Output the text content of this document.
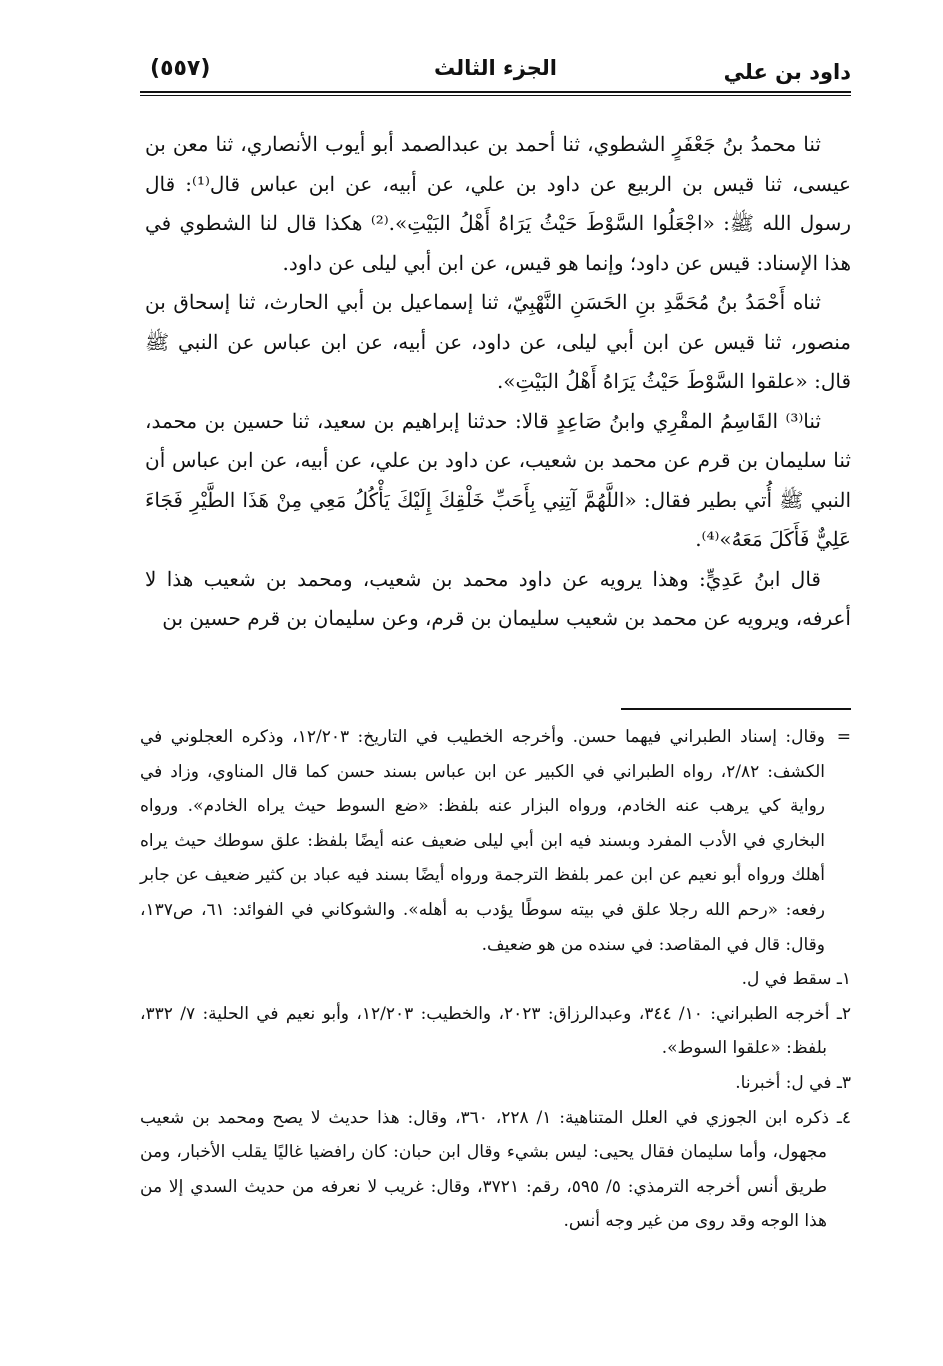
داود بن علي
الجزء الثالث
(٥٥٧)

ثنا محمدُ بنُ جَعْفَرٍ الشطوي، ثنا أحمد بن عبدالصمد أبو أيوب الأنصاري، ثنا معن بن عيسى، ثنا قيس بن الربيع عن داود بن علي، عن أبيه، عن ابن عباس قال⁽¹⁾: قال رسول الله ﷺ: «اجْعَلُوا السَّوْطَ حَيْثُ يَرَاهُ أَهْلُ البَيْتِ».⁽²⁾ هكذا قال لنا الشطوي في هذا الإسناد: قيس عن داود؛ وإنما هو قيس، عن ابن أبي ليلى عن داود.

ثناه أَحْمَدُ بنُ مُحَمَّدِ بنِ الحَسَنِ النَّهْبِيّ، ثنا إسماعيل بن أبي الحارث، ثنا إسحاق بن منصور، ثنا قيس عن ابن أبي ليلى، عن داود، عن أبيه، عن ابن عباس عن النبي ﷺ قال: «علقوا السَّوْطَ حَيْثُ يَرَاهُ أَهْلُ البَيْتِ».

ثنا⁽³⁾ القَاسِمُ المقْرِي وابنُ صَاعِدٍ قالا: حدثنا إبراهيم بن سعيد، ثنا حسين بن محمد، ثنا سليمان بن قرم عن محمد بن شعيب، عن داود بن علي، عن أبيه، عن ابن عباس أن النبي ﷺ أُتي بطير فقال: «اللَّهُمَّ آتِنِي بِأَحَبِّ خَلْقِكَ إِلَيْكَ يَأْكُلُ مَعِي مِنْ هَذَا الطَّيْرِ فَجَاءَ عَلِيٌّ فَأَكَلَ مَعَهُ»⁽⁴⁾.

قال ابنُ عَدِيٍّ: وهذا يرويه عن داود محمد بن شعيب، ومحمد بن شعيب هذا لا أعرفه، ويرويه عن محمد بن شعيب سليمان بن قرم، وعن سليمان بن قرم حسين بن

=وقال: إسناد الطبراني فيهما حسن. وأخرجه الخطيب في التاريخ: ١٢/٢٠٣، وذكره العجلوني في الكشف: ٢/٨٢، رواه الطبراني في الكبير عن ابن عباس بسند حسن كما قال المناوي، وزاد في رواية كي يرهب عنه الخادم، ورواه البزار عنه بلفظ: «ضع السوط حيث يراه الخادم». ورواه البخاري في الأدب المفرد وبسند فيه ابن أبي ليلى ضعيف عنه أيضًا بلفظ: علق سوطك حيث يراه أهلك ورواه أبو نعيم عن ابن عمر بلفظ الترجمة ورواه أيضًا بسند فيه عباد بن كثير ضعيف عن جابر رفعه: «رحم الله رجلا علق في بيته سوطًا يؤدب به أهله». والشوكاني في الفوائد: ٦١، ص١٣٧، وقال: قال في المقاصد: في سنده من هو ضعيف.

١ـ سقط في ل.

٢ـ أخرجه الطبراني: ١٠/ ٣٤٤، وعبدالرزاق: ٢٠٢٣، والخطيب: ١٢/٢٠٣، وأبو نعيم في الحلية: ٧/ ٣٣٢، بلفظ: «علقوا السوط».

٣ـ في ل: أخبرنا.

٤ـ ذكره ابن الجوزي في العلل المتناهية: ١/ ٢٢٨، ٣٦٠، وقال: هذا حديث لا يصح ومحمد بن شعيب مجهول، وأما سليمان فقال يحيى: ليس بشيء وقال ابن حبان: كان رافضيا غاليًا يقلب الأخبار، ومن طريق أنس أخرجه الترمذي: ٥/ ٥٩٥، رقم: ٣٧٢١، وقال: غريب لا نعرفه من حديث السدي إلا من هذا الوجه وقد روى من غير وجه أنس.
